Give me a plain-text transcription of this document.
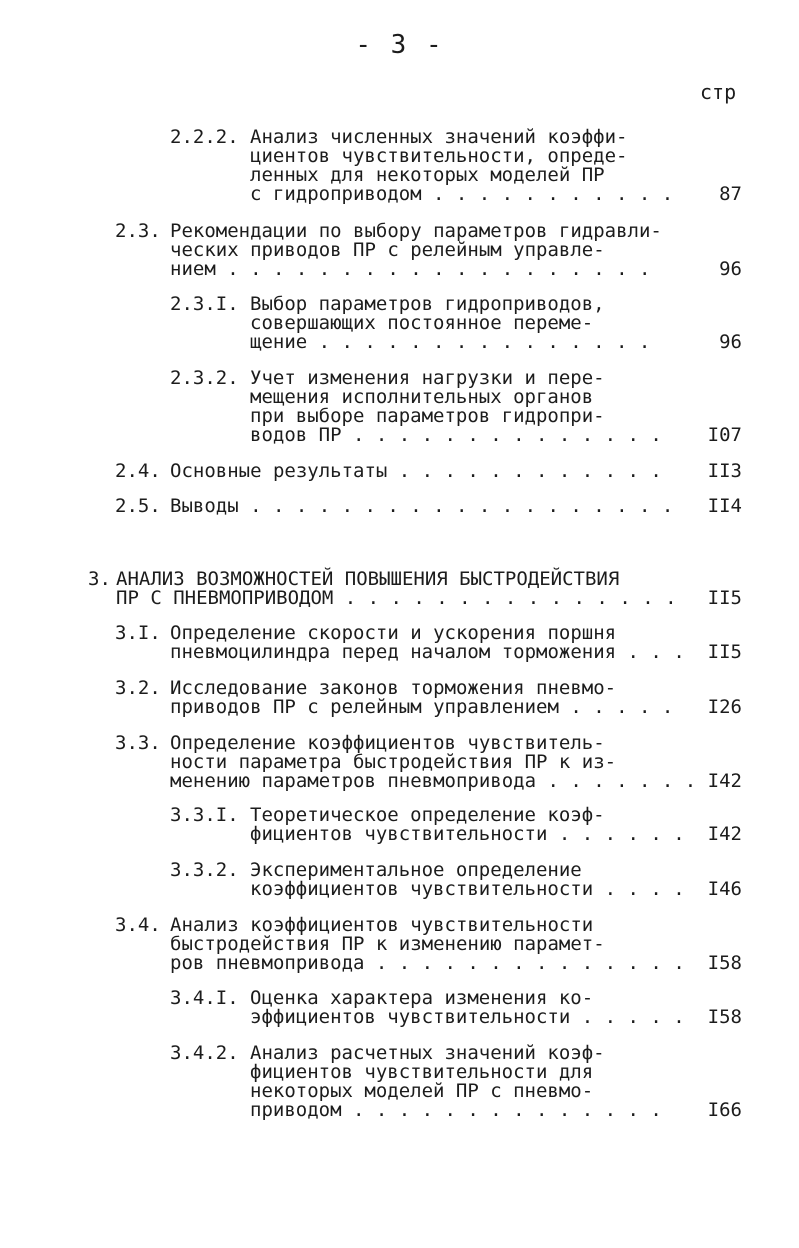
- 3 -
стр
2.2.2. Анализ численных значений коэффи-
циентов чувствительности, опреде-
ленных для некоторых моделей ПР
с гидроприводом . . . . . . . . . . .	87
2.3. Рекомендации по выбору параметров гидравли-
ческих приводов ПР с релейным управле-
нием . . . . . . . . . . . . . . . . . . .	96
2.3.I. Выбор параметров гидроприводов,
совершающих постоянное переме-
щение . . . . . . . . . . . . . . .	96
2.3.2. Учет изменения нагрузки и пере-
мещения исполнительных органов
при выборе параметров гидропри-
водов ПР . . . . . . . . . . . . . .	I07
2.4. Основные результаты . . . . . . . . . . . .	II3
2.5. Выводы . . . . . . . . . . . . . . . . . . .	II4
3. АНАЛИЗ ВОЗМОЖНОСТЕЙ ПОВЫШЕНИЯ БЫСТРОДЕЙСТВИЯ
ПР С ПНЕВМОПРИВОДОМ . . . . . . . . . . . . . . .	II5
3.I. Определение скорости и ускорения поршня
пневмоцилиндра перед началом торможения . . .	II5
3.2. Исследование законов торможения пневмо-
приводов ПР с релейным управлением . . . . .	I26
3.3. Определение коэффициентов чувствитель-
ности параметра быстродействия ПР к из-
менению параметров пневмопривода . . . . . . . I42
3.3.I. Теоретическое определение коэф-
фициентов чувствительности . . . . . .	I42
3.3.2. Экспериментальное определение
коэффициентов чувствительности . . . .	I46
3.4. Анализ коэффициентов чувствительности
быстродействия ПР к изменению парамет-
ров пневмопривода . . . . . . . . . . . . . .	I58
3.4.I. Оценка характера изменения ко-
эффициентов чувствительности . . . . .	I58
3.4.2. Анализ расчетных значений коэф-
фициентов чувствительности для
некоторых моделей ПР с пневмо-
приводом . . . . . . . . . . . . . .	I66
